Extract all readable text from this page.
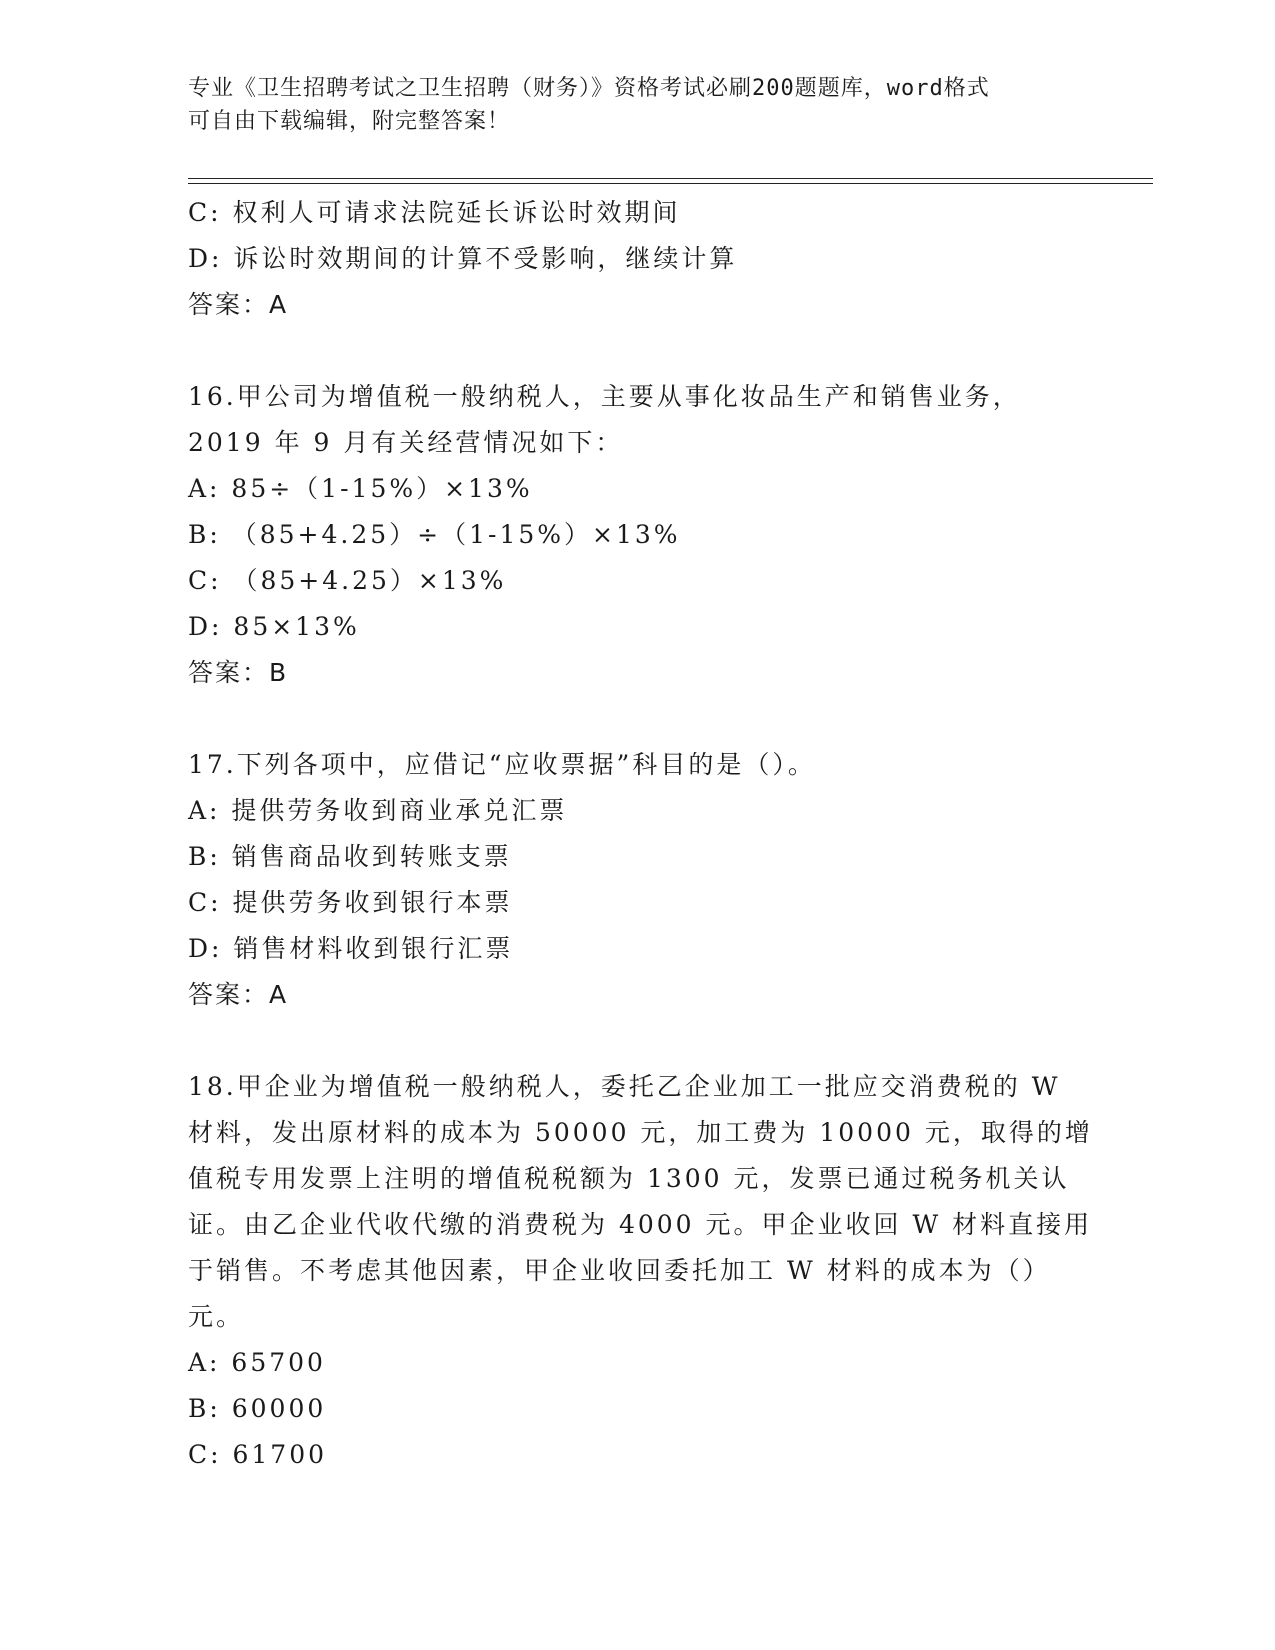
专业《卫生招聘考试之卫生招聘（财务）》资格考试必刷200题题库，word格式
可自由下载编辑，附完整答案！
C: 权利人可请求法院延长诉讼时效期间
D: 诉讼时效期间的计算不受影响，继续计算
答案：A
16.甲公司为增值税一般纳税人，主要从事化妆品生产和销售业务，
2019 年 9 月有关经营情况如下：
A: 85÷（1-15%）×13%
B: （85+4.25）÷（1-15%）×13%
C: （85+4.25）×13%
D: 85×13%
答案：B
17.下列各项中，应借记“应收票据”科目的是（）。
A: 提供劳务收到商业承兑汇票
B: 销售商品收到转账支票
C: 提供劳务收到银行本票
D: 销售材料收到银行汇票
答案：A
18.甲企业为增值税一般纳税人，委托乙企业加工一批应交消费税的 W
材料，发出原材料的成本为 50000 元，加工费为 10000 元，取得的增
值税专用发票上注明的增值税税额为 1300 元，发票已通过税务机关认
证。由乙企业代收代缴的消费税为 4000 元。甲企业收回 W 材料直接用
于销售。不考虑其他因素，甲企业收回委托加工 W 材料的成本为（）
元。
A: 65700
B: 60000
C: 61700
